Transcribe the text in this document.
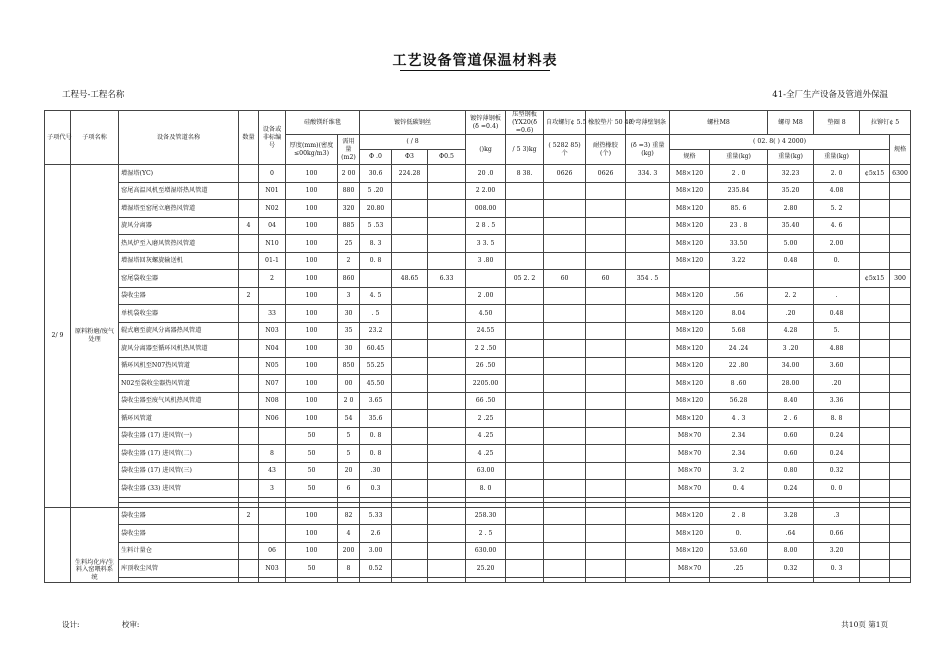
工艺设备管道保温材料表
工程号-工程名称	41-全厂生产设备及管道外保温
子项代号	子项名称	设备及管道名称	数量	设备或非标编号	硅酸镁纤维毯		镀锌低碳钢丝			镀锌薄钢板(δ =0.4)	压型钢板(YX20(δ =0.6)	自攻螺钉¢ 5.5	橡胶垫片 50 40	冷弯薄壁钢条	螺柱M8		螺母 M8	垫圈 8	拉铆钉¢ 5		
					厚度(mm)(密度≤00kg/m3)	需用量(m2)	( / 8			()kg	/ 5 3)kg	( 5282 85)个	耐热橡胶(个)	(δ =3) 重量(kg)	( 02. 8( ) 4 2000)					规格	
							Φ .0	Φ3	Φ0.5						规格	重量(kg)	重量(kg)	重量(kg)			
2/ 9	原料粉磨/废气处理	增湿塔(YC)		0	100	2 00	30.6	224.28		20 .0	8 38.	0626	0626	334. 3	M8×120	2 . 0	32.23	2. 0	¢5x15	6300	
		窑尾高温风机至增湿塔热风管道		N01	100	880	5 .20			2 2.00					M8×120	235.84	35.20	4.08			
		增湿塔至窑尾立磨热风管道		N02	100	320	20.80			008.00					M8×120	85. 6	2.80	5. 2			
		旋风分离器	4	04	100	885	5 .53			2 8 . 5					M8×120	23 . 8	35.40	4. 6			
		热风炉至入磨风管热风管道		N10	100	25	8. 3			3 3. 5					M8×120	33.50	5.00	2.00			
		增湿塔回灰螺旋输送机		01-1	100	2	0. 8			3 .80					M8×120	3.22	0.48	0.			
		窑尾袋收尘器		2	100	860		48.65	6.33		05 2. 2	60	60	354 . 5					¢5x15	300	
		袋收尘器	2		100	3	4. 5			2 .00					M8×120	.56	2. 2	.			
		单机袋收尘器		33	100	30	. 5			4.50					M8×120	8.04	.20	0.48			
		辊式磨至旋风分离器热风管道		N03	100	35	23.2			24.55					M8×120	5.68	4.28	5.			
		旋风分离器至循环风机热风管道		N04	100	30	60.45			2 2 .50					M8×120	24 .24	3 .20	4.88			
		循环风机至N07热风管道		N05	100	850	55.25			26 .50					M8×120	22 .80	34.00	3.60			
		N02至袋收尘器热风管道		N07	100	00	45.50			2205.00					M8×120	8 .60	28.00	.20			
		袋收尘器至废气风机热风管道		N08	100	2 0	3.65			66 .50					M8×120	56.28	8.40	3.36			
		循环风管道		N06	100	54	35.6			2 .25					M8×120	4 . 3	2 . 6	8. 8			
		袋收尘器 (17) 进风管(一)			50	5	0. 8			4 .25					M8×70	2.34	0.60	0.24			
		袋收尘器 (17) 进风管(二)		8	50	5	0. 8			4 .25					M8×70	2.34	0.60	0.24			
		袋收尘器 (17) 进风管(三)		43	50	20	.30			63.00					M8×70	3. 2	0.80	0.32			
		袋收尘器 (33) 进风管		3	50	6	0.3			8. 0					M8×70	0. 4	0.24	0. 0			

	生料均化库/生料入窑喂料系统	袋收尘器	2		100	82	5.33			258.30					M8×120	2 . 8	3.28	.3			
		袋收尘器			100	4	2.6			2 . 5					M8×120	0.	.64	0.66			
		生料计量仓		06	100	200	3.00			630.00					M8×120	53.60	8.00	3.20			
		库顶收尘风管		N03	50	8	0.52			25.20					M8×70	.25	0.32	0. 3			

设计:	校审:	共10页 第1页
